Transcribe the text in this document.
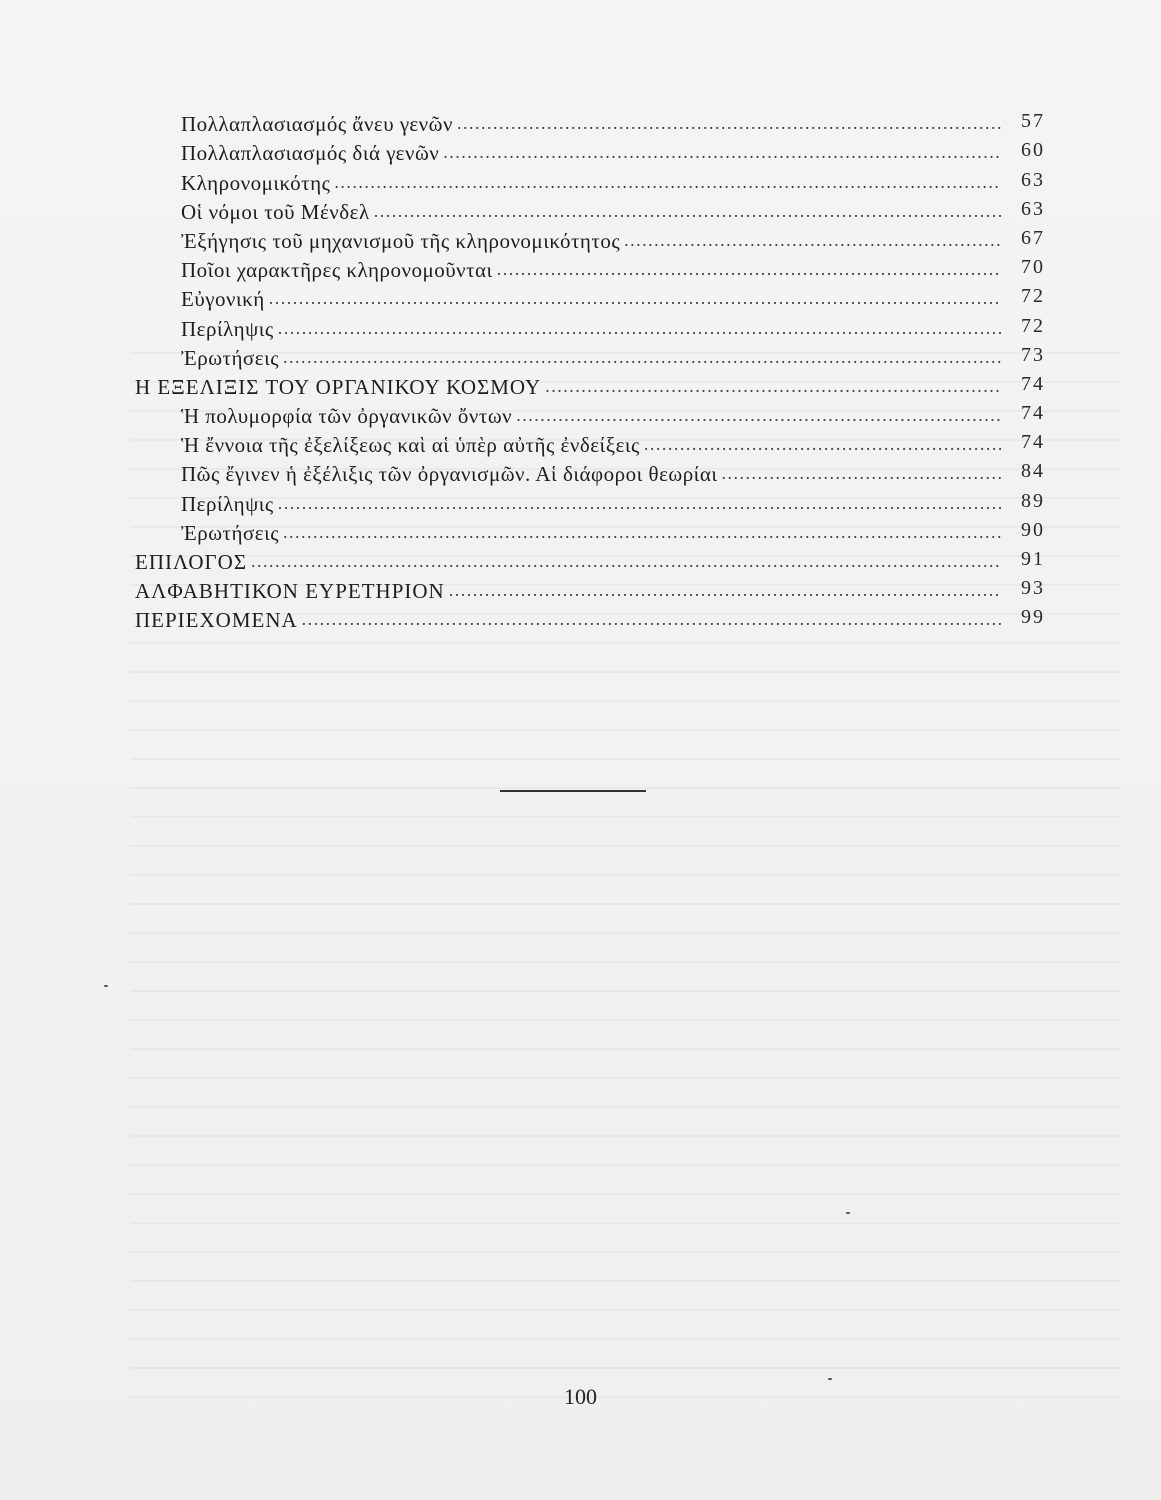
Πολλαπλασιασμός ἄνευ γενῶν . . .	57
Πολλαπλασιασμός διά γενῶν . . .	60
Κληρονομικότης . . .	63
Οἱ νόμοι τοῦ Μένδελ . . .	63
Ἐξήγησις τοῦ μηχανισμοῦ τῆς κληρονομικότητος . . .	67
Ποῖοι χαρακτῆρες κληρονομοῦνται . . .	70
Εὐγονική . . .	72
Περίληψις . . .	72
Ἐρωτήσεις . . .	73
Η ΕΞΕΛΙΞΙΣ ΤΟΥ ΟΡΓΑΝΙΚΟΥ ΚΟΣΜΟΥ . . .	74
Ἡ πολυμορφία τῶν ὀργανικῶν ὄντων . . .	74
Ἡ ἔννοια τῆς ἐξελίξεως καὶ αἱ ὑπὲρ αὐτῆς ἐνδείξεις . . .	74
Πῶς ἔγινεν ἡ ἐξέλιξις τῶν ὀργανισμῶν. Αἱ διάφοροι θεωρίαι . . .	84
Περίληψις . . .	89
Ἐρωτήσεις . . .	90
ΕΠΙΛΟΓΟΣ . . .	91
ΑΛΦΑΒΗΤΙΚΟΝ ΕΥΡΕΤΗΡΙΟΝ . . .	93
ΠΕΡΙΕΧΟΜΕΝΑ . . .	99
100
